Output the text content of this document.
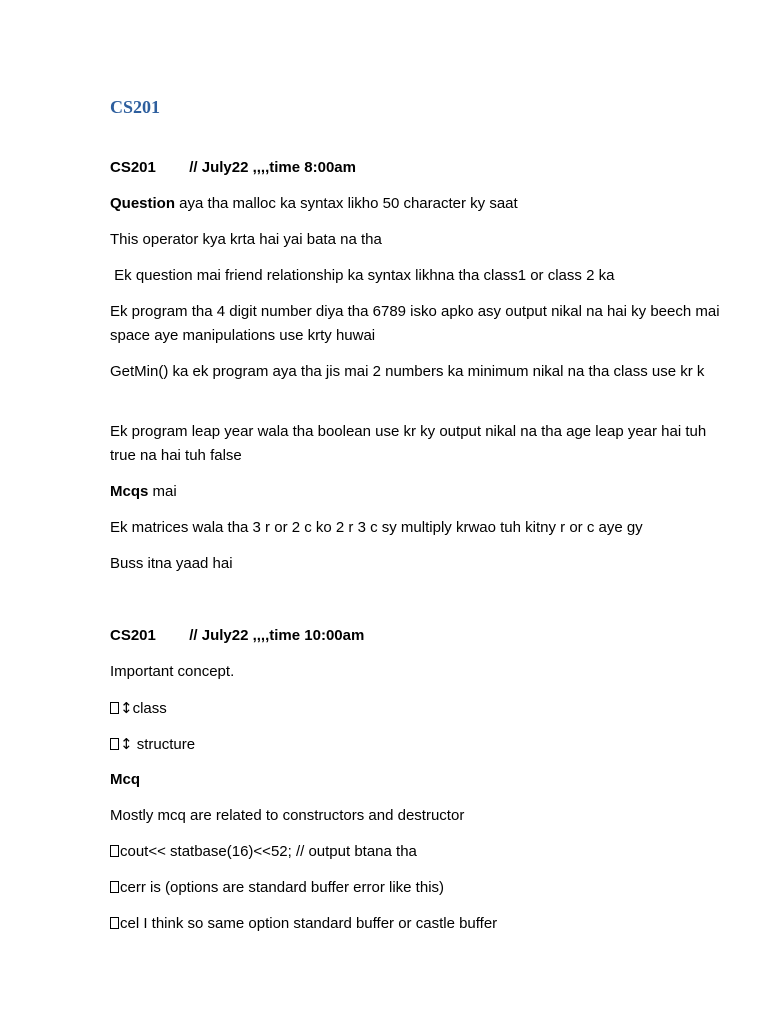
CS201

CS201 // July22 ,,,,time 8:00am

Question aya tha malloc ka syntax likho 50 character ky saat

This operator kya krta hai yai bata na tha

Ek question mai friend relationship ka syntax likhna tha class1 or class 2 ka

Ek program tha 4 digit number diya tha 6789 isko apko asy output nikal na hai ky beech mai space aye manipulations use krty huwai

GetMin() ka ek program aya tha jis mai 2 numbers ka minimum nikal na tha class use kr k

Ek program leap year wala tha boolean use kr ky output nikal na tha age leap year hai tuh true na hai tuh false

Mcqs mai

Ek matrices wala tha 3 r or 2 c ko 2 r 3 c sy multiply krwao tuh kitny r or c aye gy

Buss itna yaad hai

CS201 // July22 ,,,,time 10:00am

Important concept.

↕class

↕ structure

Mcq

Mostly mcq are related to constructors and destructor

cout<< statbase(16)<<52; // output btana tha

cerr is (options are standard buffer error like this)

cel I think so same option standard buffer or castle buffer
